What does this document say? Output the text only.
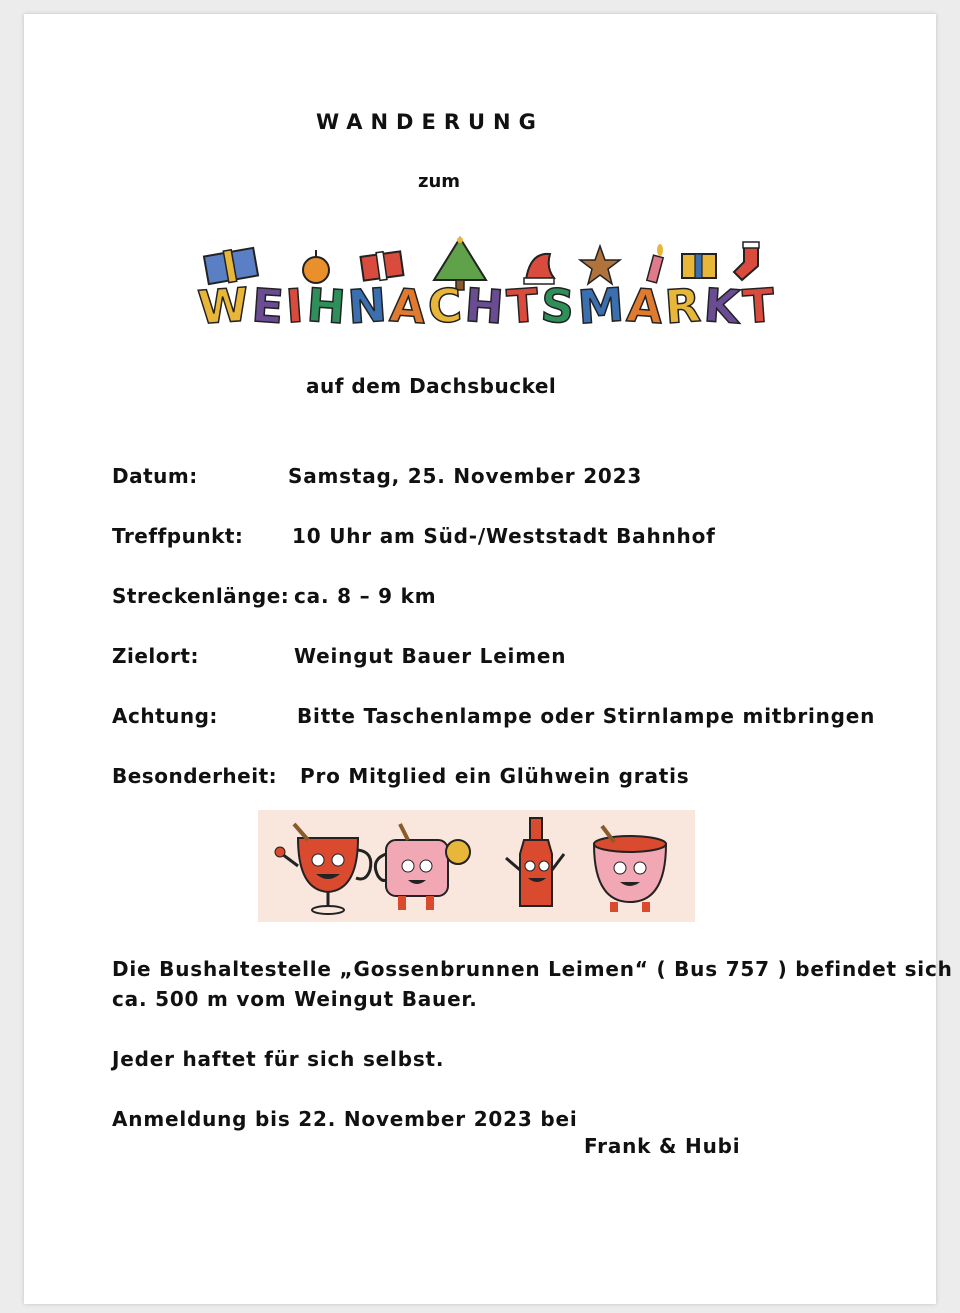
WANDERUNG
zum
W E I H N A C H T S M A R K T
auf dem Dachsbuckel
Datum:	Samstag, 25. November 2023
Treffpunkt: 10 Uhr am Süd-/Weststadt Bahnhof
Streckenlänge: ca. 8 – 9 km
Zielort:	Weingut Bauer Leimen
Achtung:	Bitte Taschenlampe oder Stirnlampe mitbringen
Besonderheit: Pro Mitglied ein Glühwein gratis
Die Bushaltestelle „Gossenbrunnen Leimen“ ( Bus 757 ) befindet sich
ca. 500 m vom Weingut Bauer.
Jeder haftet für sich selbst.
Anmeldung bis 22. November 2023 bei
Frank & Hubi
